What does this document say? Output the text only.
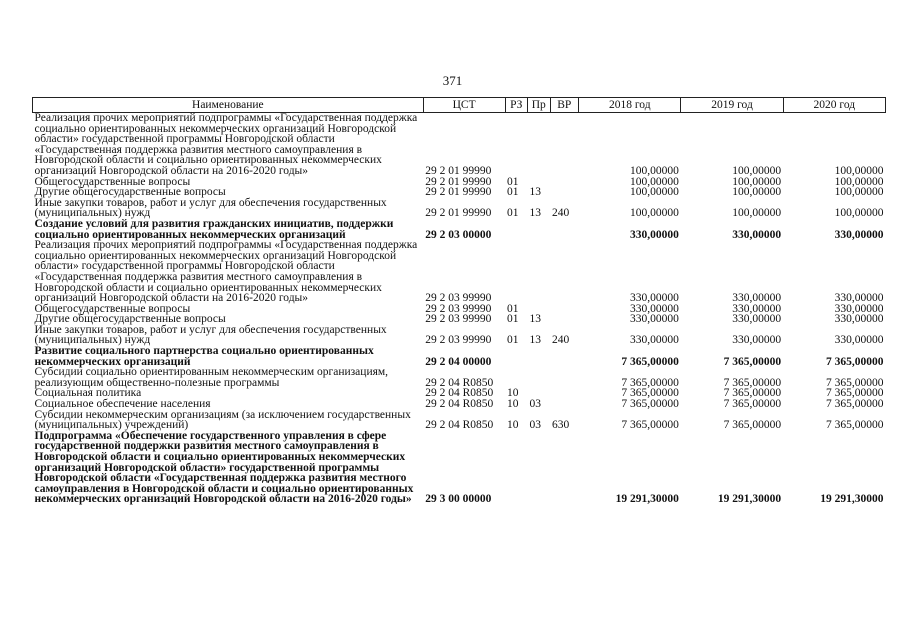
371
Наименование	ЦСТ	РЗ	Пр	ВР	2018 год	2019 год	2020 год
Реализация прочих мероприятий подпрограммы «Государственная поддержка социально ориентированных некоммерческих организаций Новгородской области» государственной программы Новгородской области «Государственная поддержка развития местного самоуправления в Новгородской области и социально ориентированных некоммерческих организаций Новгородской области на 2016-2020 годы»	29 2 01 99990				100,00000	100,00000	100,00000
Общегосударственные вопросы	29 2 01 99990	01			100,00000	100,00000	100,00000
Другие общегосударственные вопросы	29 2 01 99990	01	13		100,00000	100,00000	100,00000
Иные закупки товаров, работ и услуг для обеспечения государственных (муниципальных) нужд	29 2 01 99990	01	13	240	100,00000	100,00000	100,00000
Создание условий для развития гражданских инициатив, поддержки социально ориентированных некоммерческих организаций	29 2 03 00000				330,00000	330,00000	330,00000
Реализация прочих мероприятий подпрограммы «Государственная поддержка социально ориентированных некоммерческих организаций Новгородской области» государственной программы Новгородской области «Государственная поддержка развития местного самоуправления в Новгородской области и социально ориентированных некоммерческих организаций Новгородской области на 2016-2020 годы»	29 2 03 99990				330,00000	330,00000	330,00000
Общегосударственные вопросы	29 2 03 99990	01			330,00000	330,00000	330,00000
Другие общегосударственные вопросы	29 2 03 99990	01	13		330,00000	330,00000	330,00000
Иные закупки товаров, работ и услуг для обеспечения государственных (муниципальных) нужд	29 2 03 99990	01	13	240	330,00000	330,00000	330,00000
Развитие социального партнерства социально ориентированных некоммерческих организаций	29 2 04 00000				7 365,00000	7 365,00000	7 365,00000
Субсидии социально ориентированным некоммерческим организациям, реализующим общественно-полезные программы	29 2 04 R0850				7 365,00000	7 365,00000	7 365,00000
Социальная политика	29 2 04 R0850	10			7 365,00000	7 365,00000	7 365,00000
Социальное обеспечение населения	29 2 04 R0850	10	03		7 365,00000	7 365,00000	7 365,00000
Субсидии некоммерческим организациям (за исключением государственных (муниципальных) учреждений)	29 2 04 R0850	10	03	630	7 365,00000	7 365,00000	7 365,00000
Подпрограмма «Обеспечение государственного управления в сфере государственной поддержки развития местного самоуправления в Новгородской области и социально ориентированных некоммерческих организаций Новгородской области» государственной программы Новгородской области «Государственная поддержка развития местного самоуправления в Новгородской области и социально ориентированных некоммерческих организаций Новгородской области на 2016-2020 годы»	29 3 00 00000				19 291,30000	19 291,30000	19 291,30000
